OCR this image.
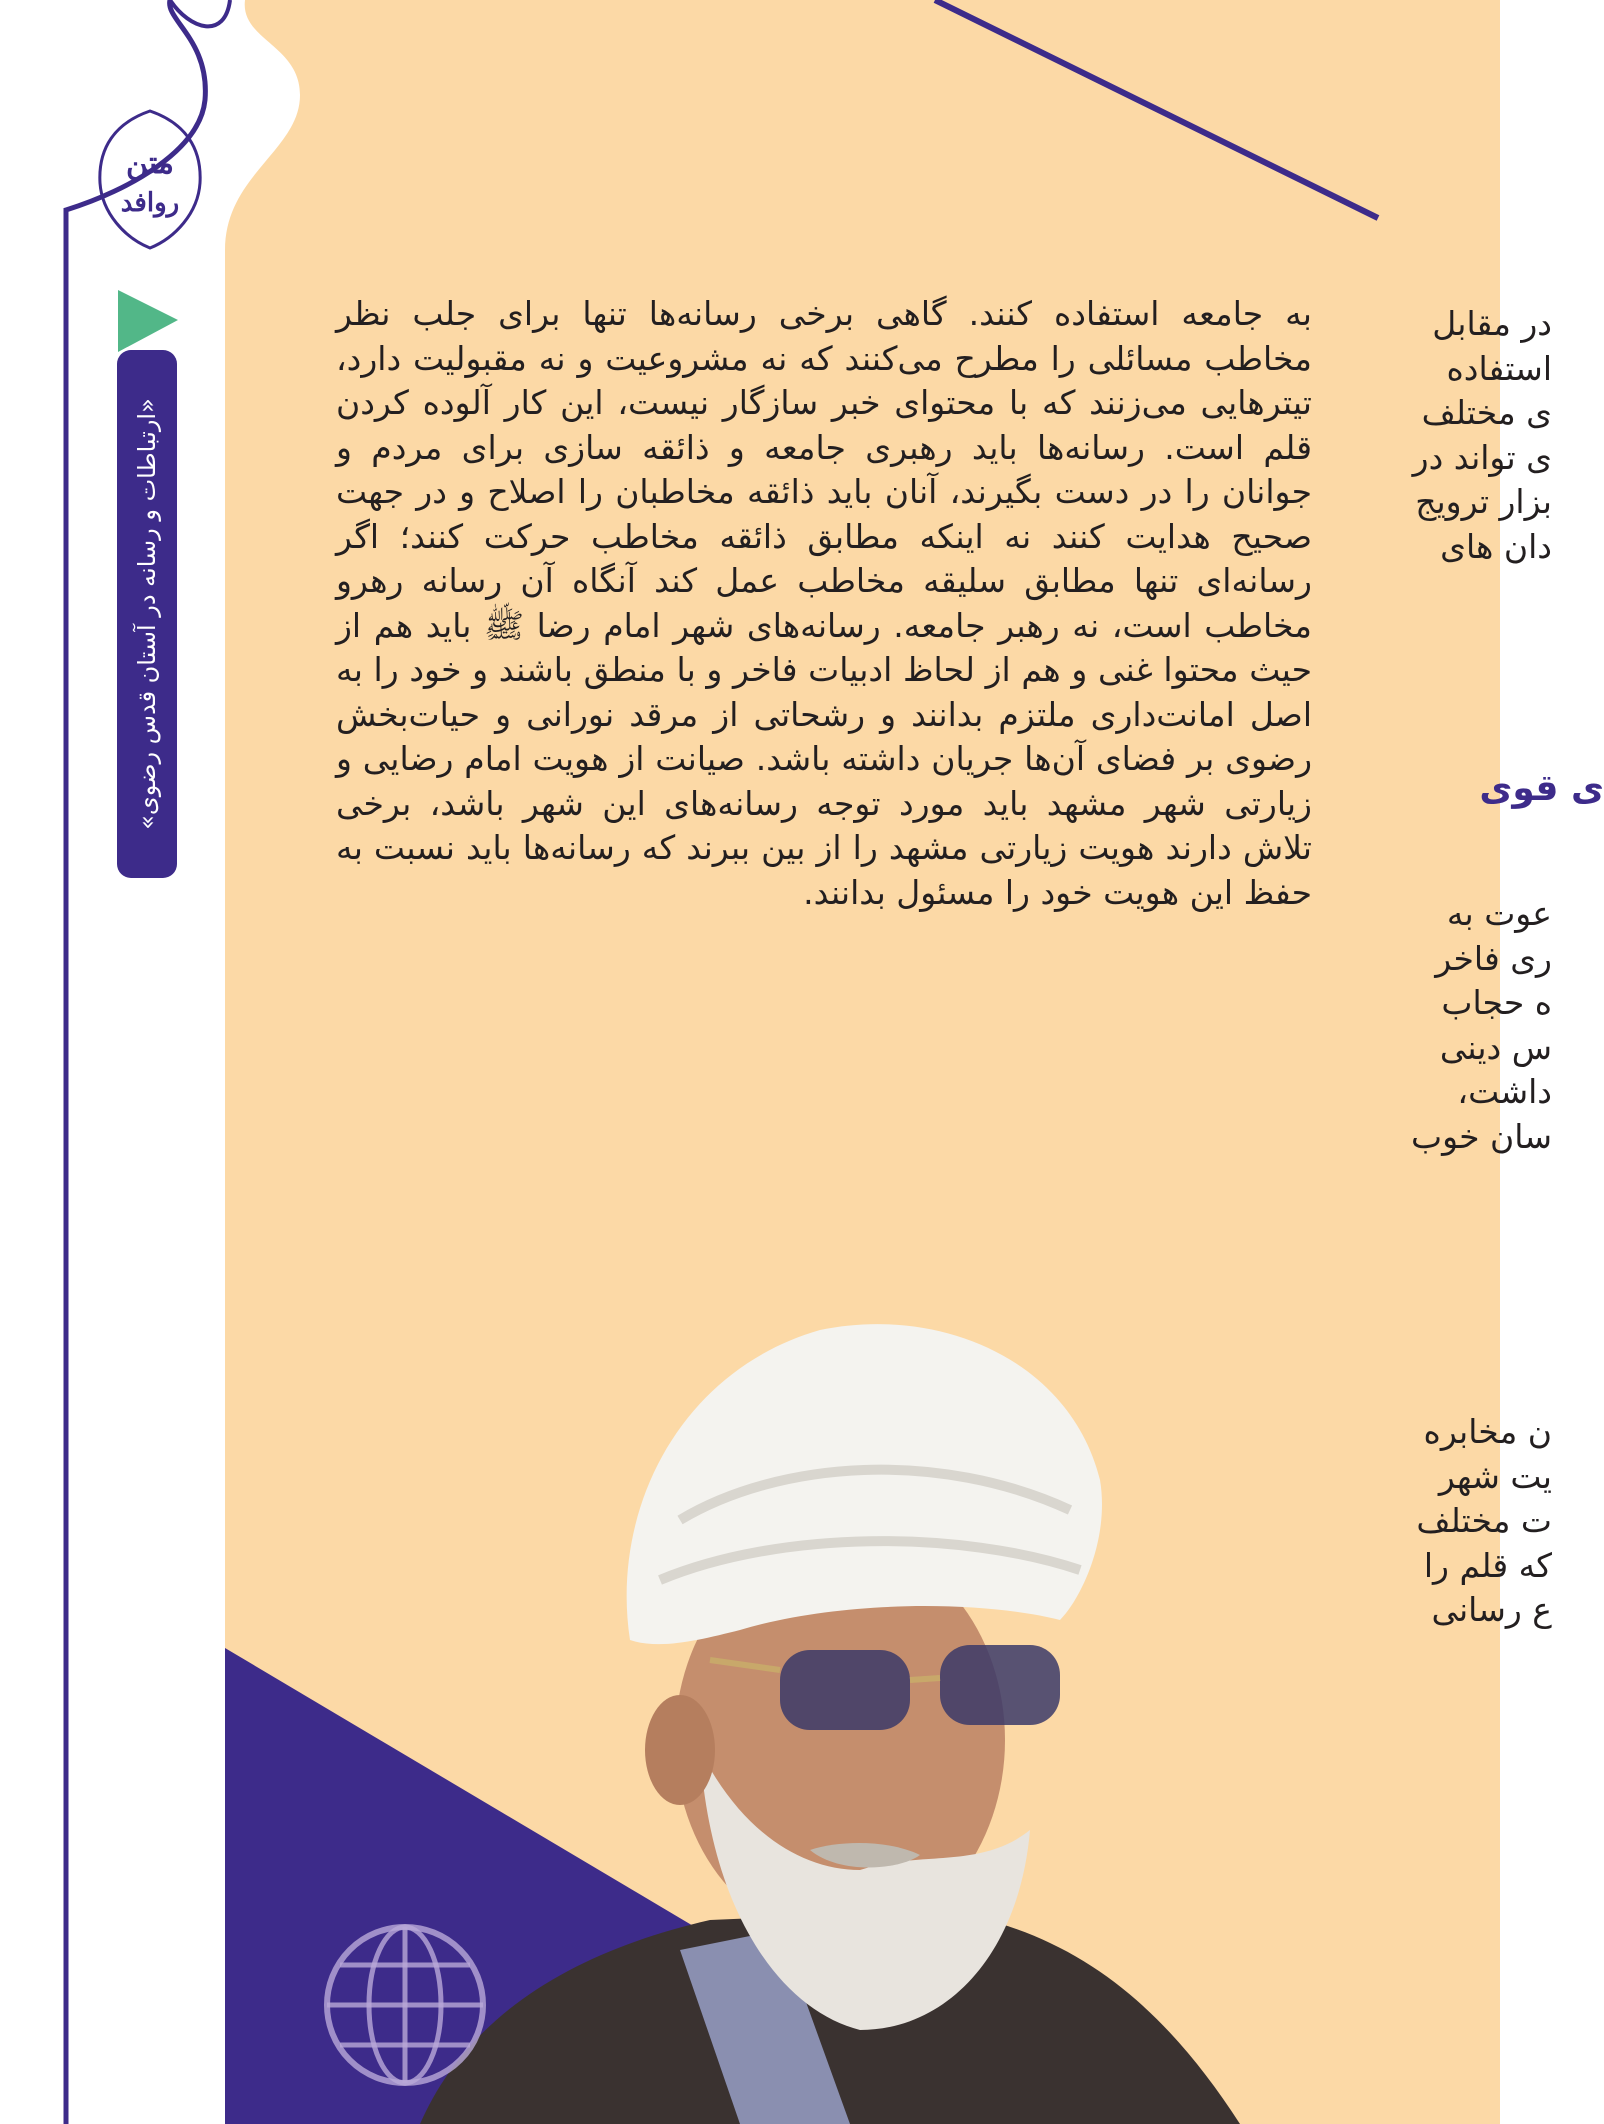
متن
روافد
«ارتباطات و رسانه در آستان قدس رضوی»

به جامعه استفاده کنند. گاهی برخی رسانه‌ها تنها برای جلب نظر مخاطب مسائلی را مطرح می‌کنند که نه مشروعیت و نه مقبولیت دارد، تیترهایی می‌زنند که با محتوای خبر سازگار نیست، این کار آلوده کردن قلم است. رسانه‌ها باید رهبری جامعه و ذائقه سازی برای مردم و جوانان را در دست بگیرند، آنان باید ذائقه مخاطبان را اصلاح و در جهت صحیح هدایت کنند نه اینکه مطابق ذائقه مخاطب حرکت کنند؛ اگر رسانه‌ای تنها مطابق سلیقه مخاطب عمل کند آنگاه آن رسانه رهرو مخاطب است، نه رهبر جامعه. رسانه‌های شهر امام رضا ﷺ باید هم از حیث محتوا غنی و هم از لحاظ ادبیات فاخر و با منطق باشند و خود را به اصل امانت‌داری ملتزم بدانند و رشحاتی از مرقد نورانی و حیات‌بخش رضوی بر فضای آن‌ها جریان داشته باشد. صیانت از هویت امام رضایی و زیارتی شهر مشهد باید مورد توجه رسانه‌های این شهر باشد، برخی تلاش دارند هویت زیارتی مشهد را از بین ببرند که رسانه‌ها باید نسبت به حفظ این هویت خود را مسئول بدانند.

در مقابل
استفاده
ی مختلف
ی تواند در
بزار ترویج
دان های
ی قوی
عوت به
ری فاخر
ه حجاب
س دینی
داشت،
سان خوب
ن مخابره
یت شهر
ت مختلف
که قلم را
ع رسانی
